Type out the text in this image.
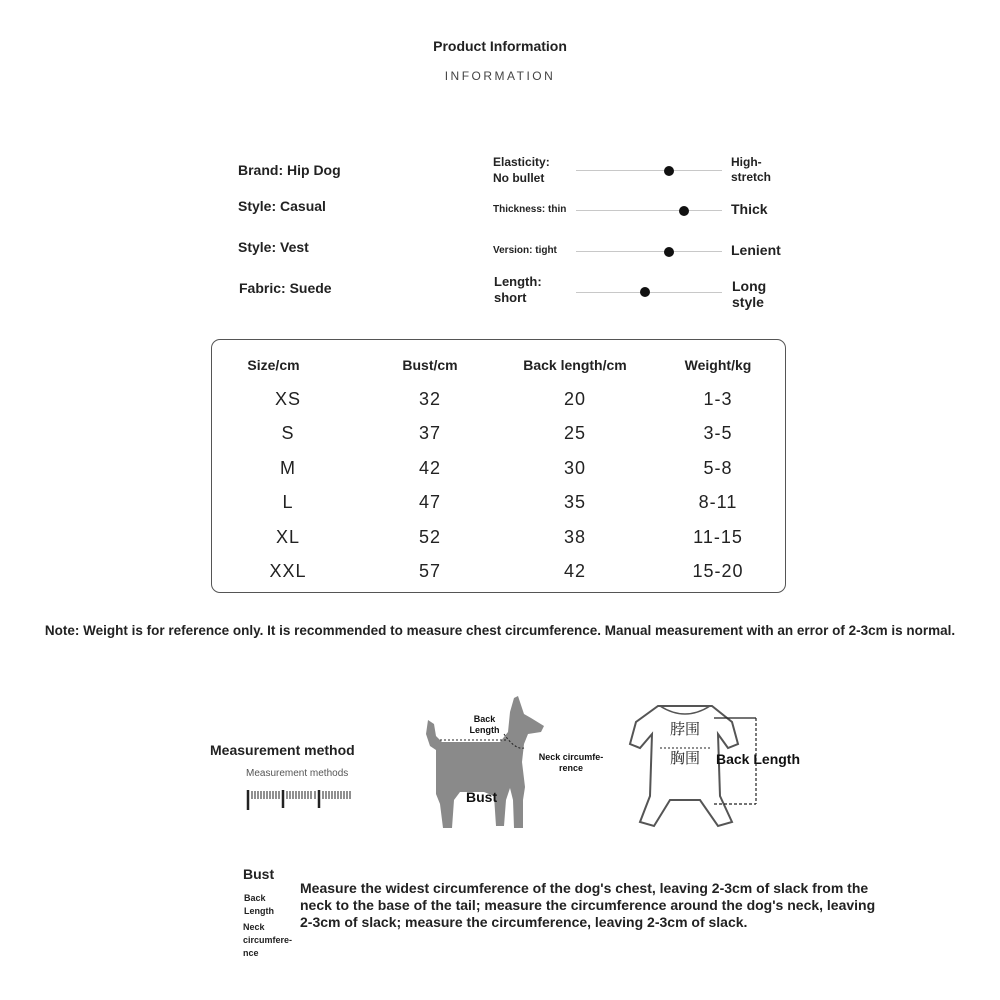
Product Information
INFORMATION
Brand: Hip Dog
Style: Casual
Style: Vest
Fabric: Suede
Elasticity:
No bullet
High-
stretch
Thickness: thin	Thick
Version: tight	Lenient
Length:
short
Long
style
Size/cm	Bust/cm	Back length/cm	Weight/kg
XS	32	20	1-3
S	37	25	3-5
M	42	30	5-8
L	47	35	8-11
XL	52	38	11-15
XXL	57	42	15-20
Note: Weight is for reference only. It is recommended to measure chest circumference. Manual measurement with an error of 2-3cm is normal.
Measurement method
Measurement methods
Back
Length
Neck circumfe-
rence
Bust
脖围
胸围 Back Length
Bust
Back
Length
Neck
circumfere-
nce
Measure the widest circumference of the dog's chest, leaving 2-3cm of slack from the neck to the base of the tail; measure the circumference around the dog's neck, leaving 2-3cm of slack; measure the circumference, leaving 2-3cm of slack.
